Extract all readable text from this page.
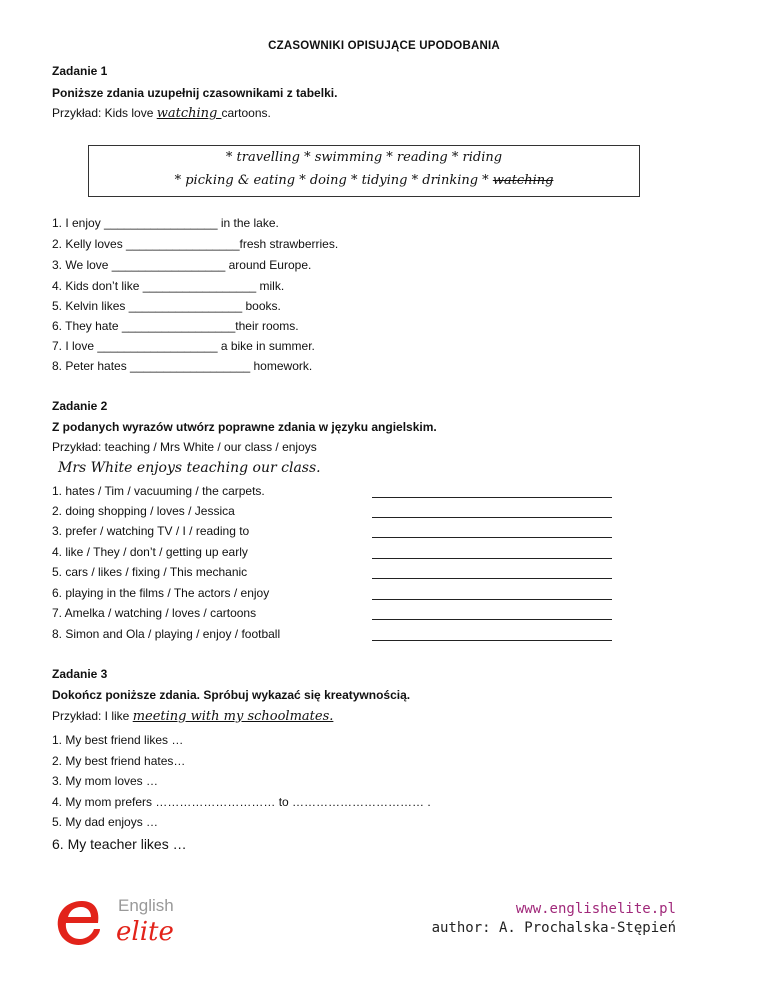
CZASOWNIKI OPISUJĄCE UPODOBANIA
Zadanie 1
Poniższe zdania uzupełnij czasownikami z tabelki.
Przykład: Kids love watching cartoons.
* travelling * swimming * reading * riding
* picking & eating * doing * tidying * drinking * watching
1. I enjoy _________________ in the lake.
2. Kelly loves _________________fresh strawberries.
3. We love _________________ around Europe.
4. Kids don’t like _________________ milk.
5. Kelvin likes _________________ books.
6. They hate _________________their rooms.
7. I love __________________ a bike in summer.
8. Peter hates __________________ homework.
Zadanie 2
Z podanych wyrazów utwórz poprawne zdania w języku angielskim.
Przykład: teaching / Mrs White / our class / enjoys
Mrs White enjoys teaching our class.
1. hates / Tim / vacuuming / the carpets.
2. doing shopping / loves / Jessica
3. prefer / watching TV / I / reading to
4. like / They / don’t / getting up early
5. cars / likes / fixing / This mechanic
6. playing in the films / The actors / enjoy
7. Amelka / watching / loves / cartoons
8. Simon and Ola / playing / enjoy / football
Zadanie 3
Dokończ poniższe zdania. Spróbuj wykazać się kreatywnością.
Przykład: I like meeting with my schoolmates.
1. My best friend likes …
2. My best friend hates…
3. My mom loves …
4. My mom prefers ………………………… to …………………………… .
5. My dad enjoys …
6. My teacher likes …
English
elite
www.englishelite.pl
author: A. Prochalska-Stępień
